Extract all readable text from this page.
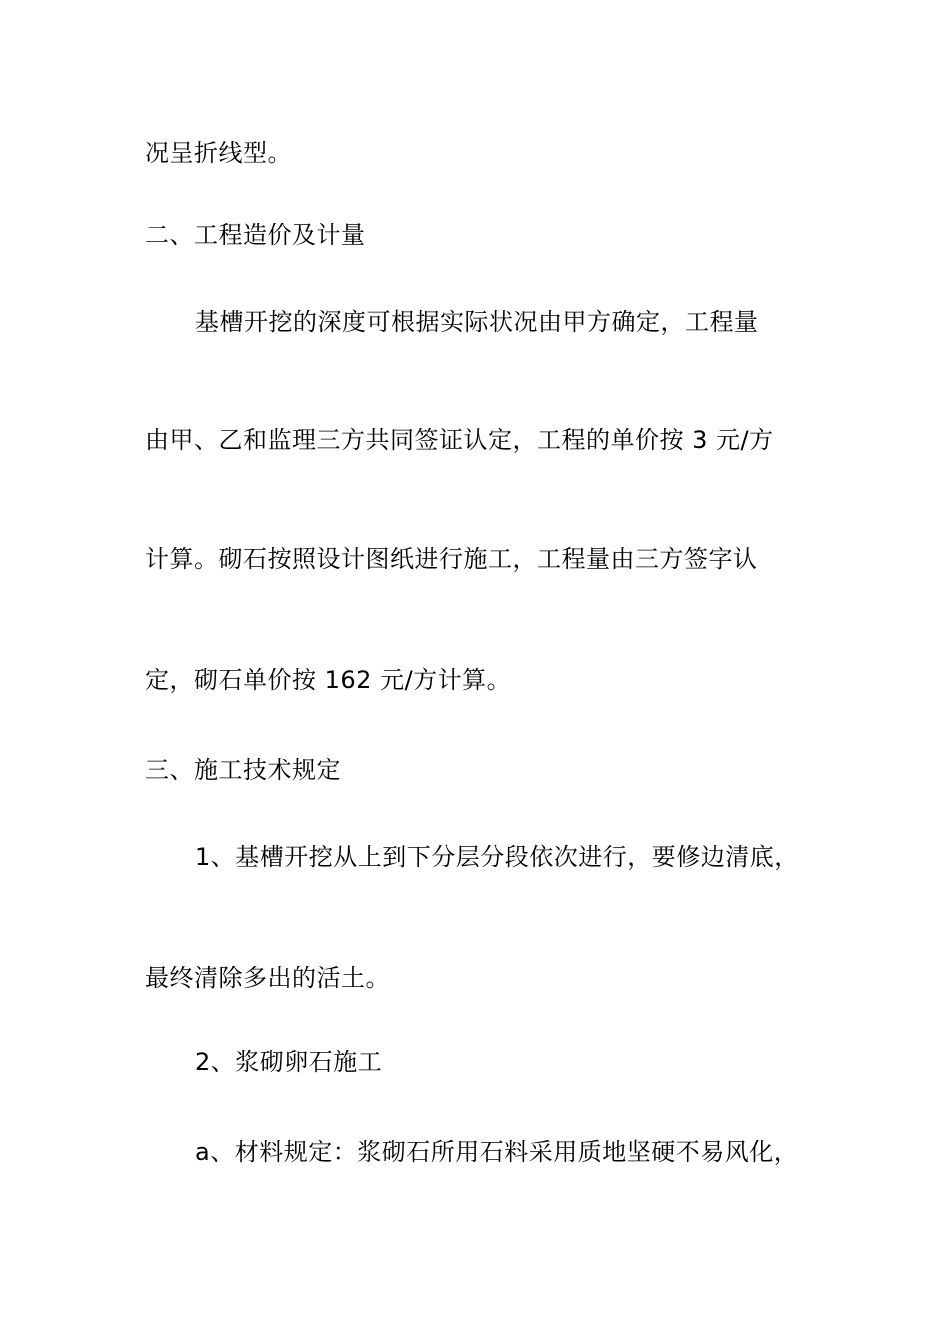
况呈折线型。
二、工程造价及计量
基槽开挖的深度可根据实际状况由甲方确定，工程量
由甲、乙和监理三方共同签证认定，工程的单价按 3 元/方
计算。砌石按照设计图纸进行施工，工程量由三方签字认
定，砌石单价按 162 元/方计算。
三、施工技术规定
1、基槽开挖从上到下分层分段依次进行，要修边清底，
最终清除多出的活土。
2、浆砌卵石施工
a、材料规定：浆砌石所用石料采用质地坚硬不易风化，
